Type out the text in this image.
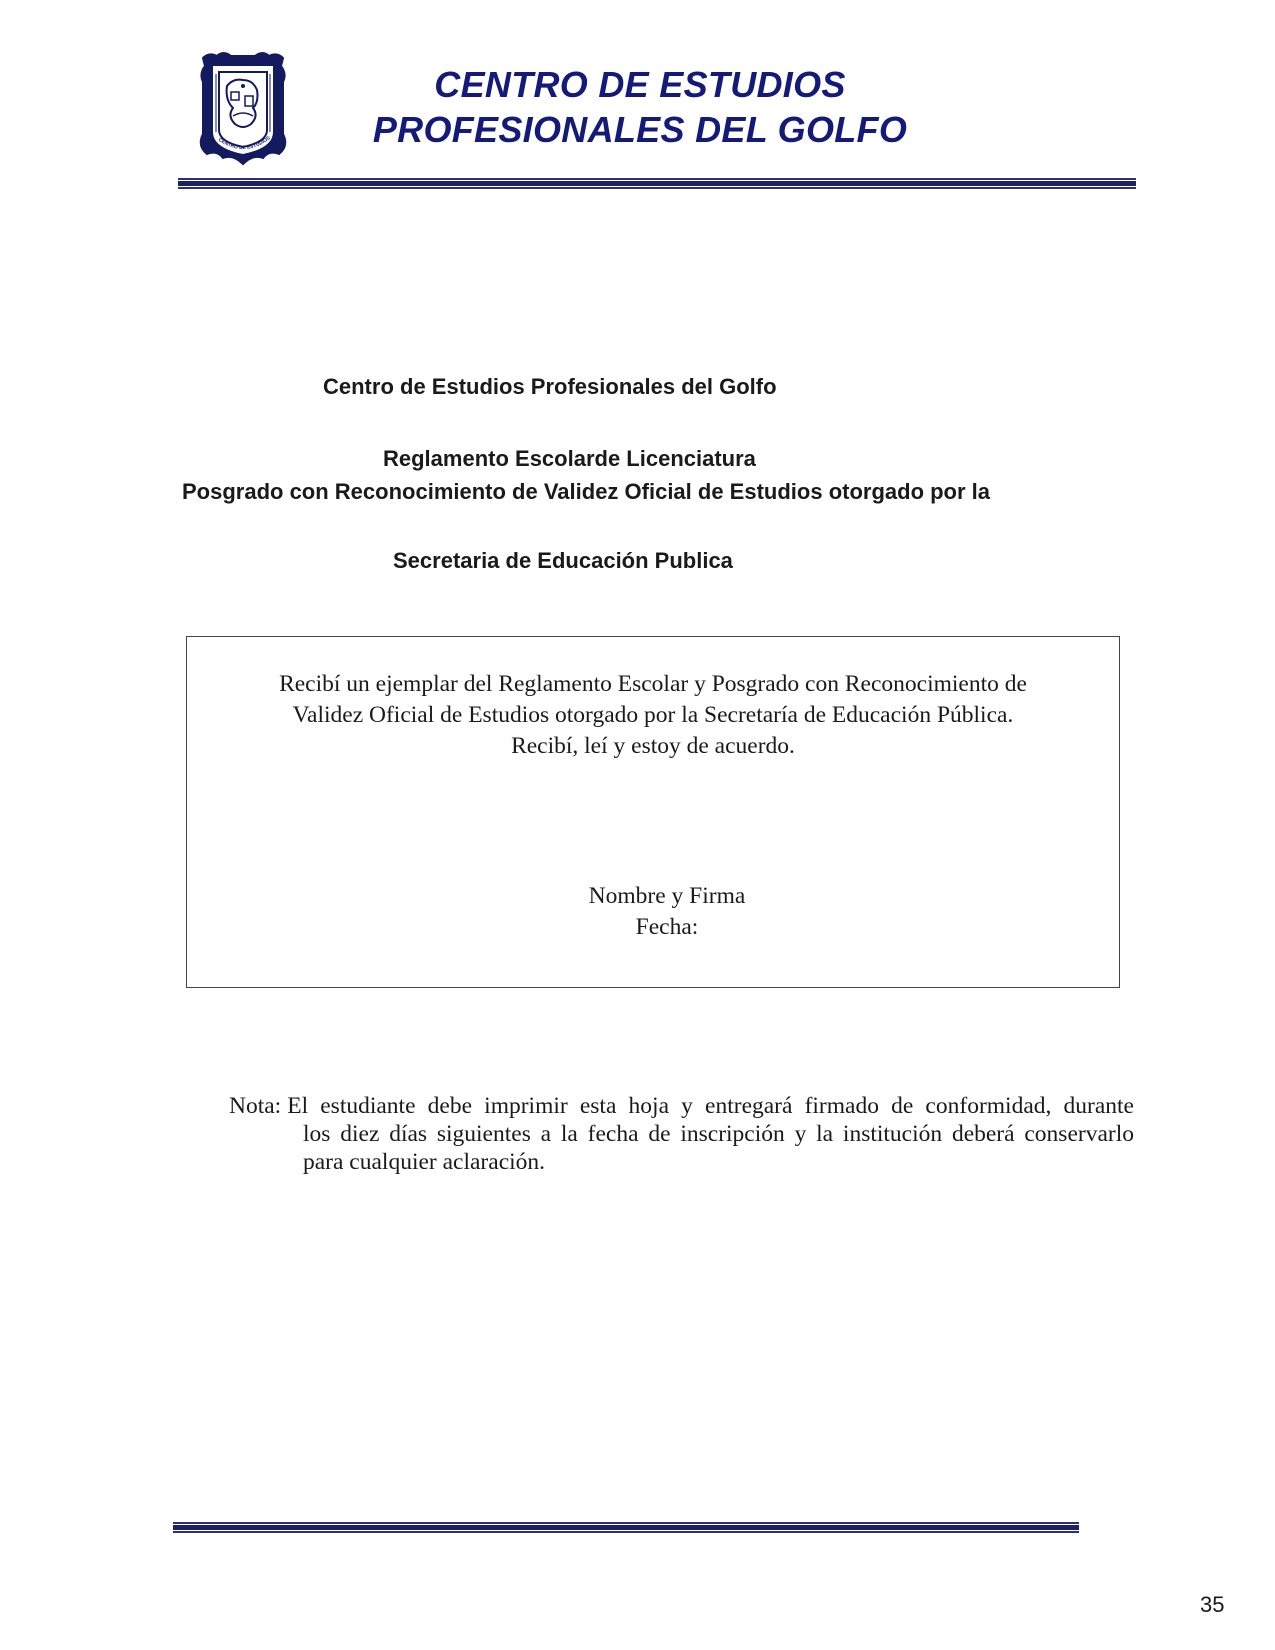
CENTRO DE ESTUDIOS
CENTRO DE ESTUDIOS
PROFESIONALES DEL GOLFO
Centro de Estudios Profesionales del Golfo
Reglamento Escolarde Licenciatura
Posgrado con Reconocimiento de Validez Oficial de Estudios otorgado por la
Secretaria de Educación Publica
Recibí un ejemplar del Reglamento Escolar y Posgrado con Reconocimiento de
Validez Oficial de Estudios otorgado por la Secretaría de Educación Pública.
Recibí, leí y estoy de acuerdo.
Nombre y Firma
Fecha:
Nota: El estudiante debe imprimir esta hoja y entregará firmado de conformidad, durante
los diez días siguientes a la fecha de inscripción y la institución deberá conservarlo
para cualquier aclaración.
35
